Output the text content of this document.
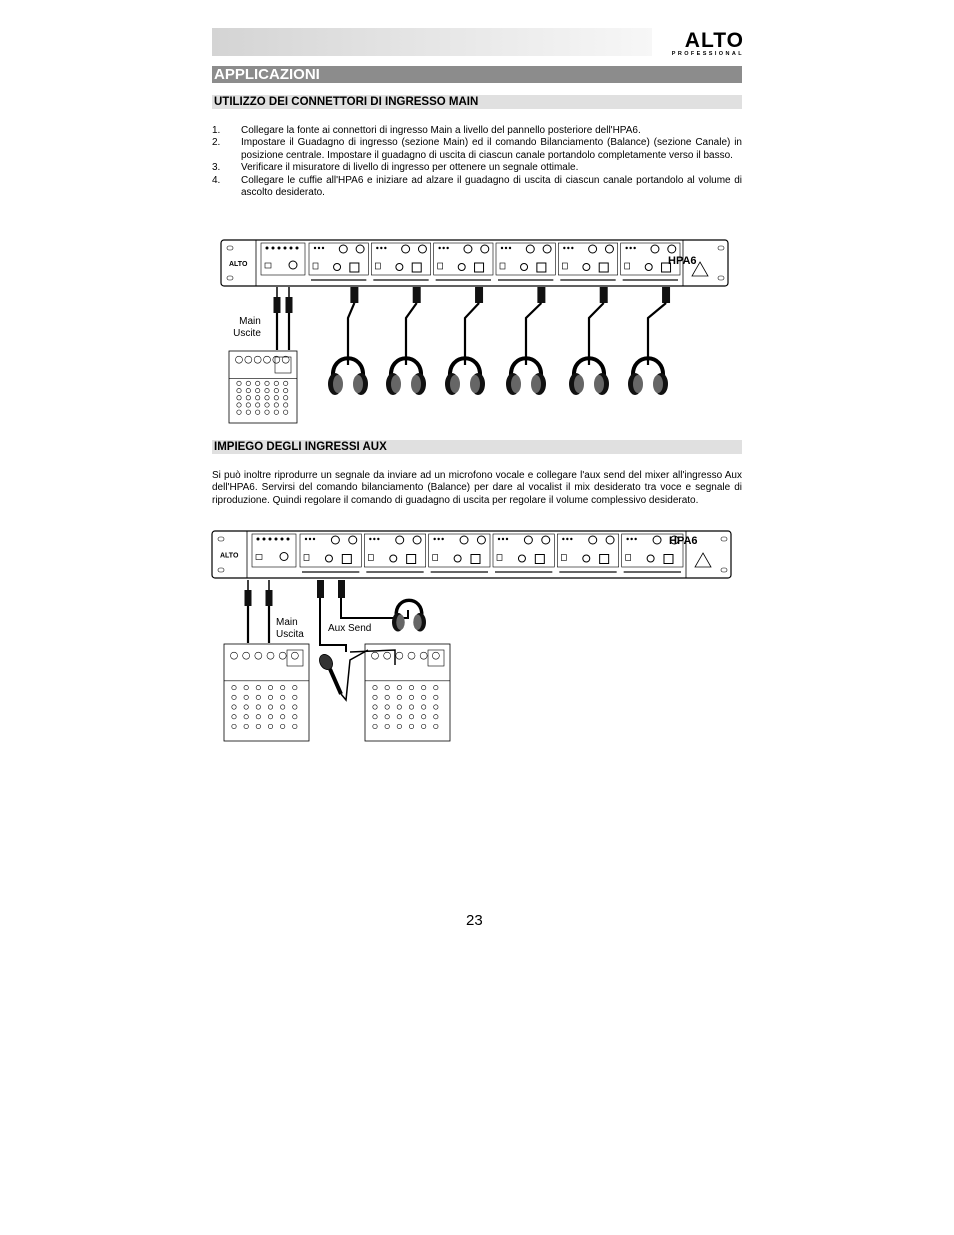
ALTO
PROFESSIONAL
APPLICAZIONI
UTILIZZO DEI CONNETTORI DI INGRESSO MAIN
1.	Collegare la fonte ai connettori di ingresso Main a livello del pannello posteriore dell'HPA6.
2.	Impostare il Guadagno di ingresso (sezione Main) ed il comando Bilanciamento (Balance) (sezione Canale) in posizione centrale. Impostare il guadagno di uscita di ciascun canale portandolo completamente verso il basso.
3.	Verificare il misuratore di livello di ingresso per ottenere un segnale ottimale.
4.	Collegare le cuffie all'HPA6 e iniziare ad alzare il guadagno di uscita di ciascun canale portandolo al volume di ascolto desiderato.
ALTO
Main
Uscite
HPA6
IMPIEGO DEGLI INGRESSI AUX
Si può inoltre riprodurre un segnale da inviare ad un microfono vocale e collegare l'aux send del mixer all'ingresso Aux dell'HPA6. Servirsi del comando bilanciamento (Balance) per dare al vocalist il mix desiderato tra voce e segnale di riproduzione. Quindi regolare il comando di guadagno di uscita per regolare il volume complessivo desiderato.
ALTO
HPA6
Main
Uscita
Aux Send
23
